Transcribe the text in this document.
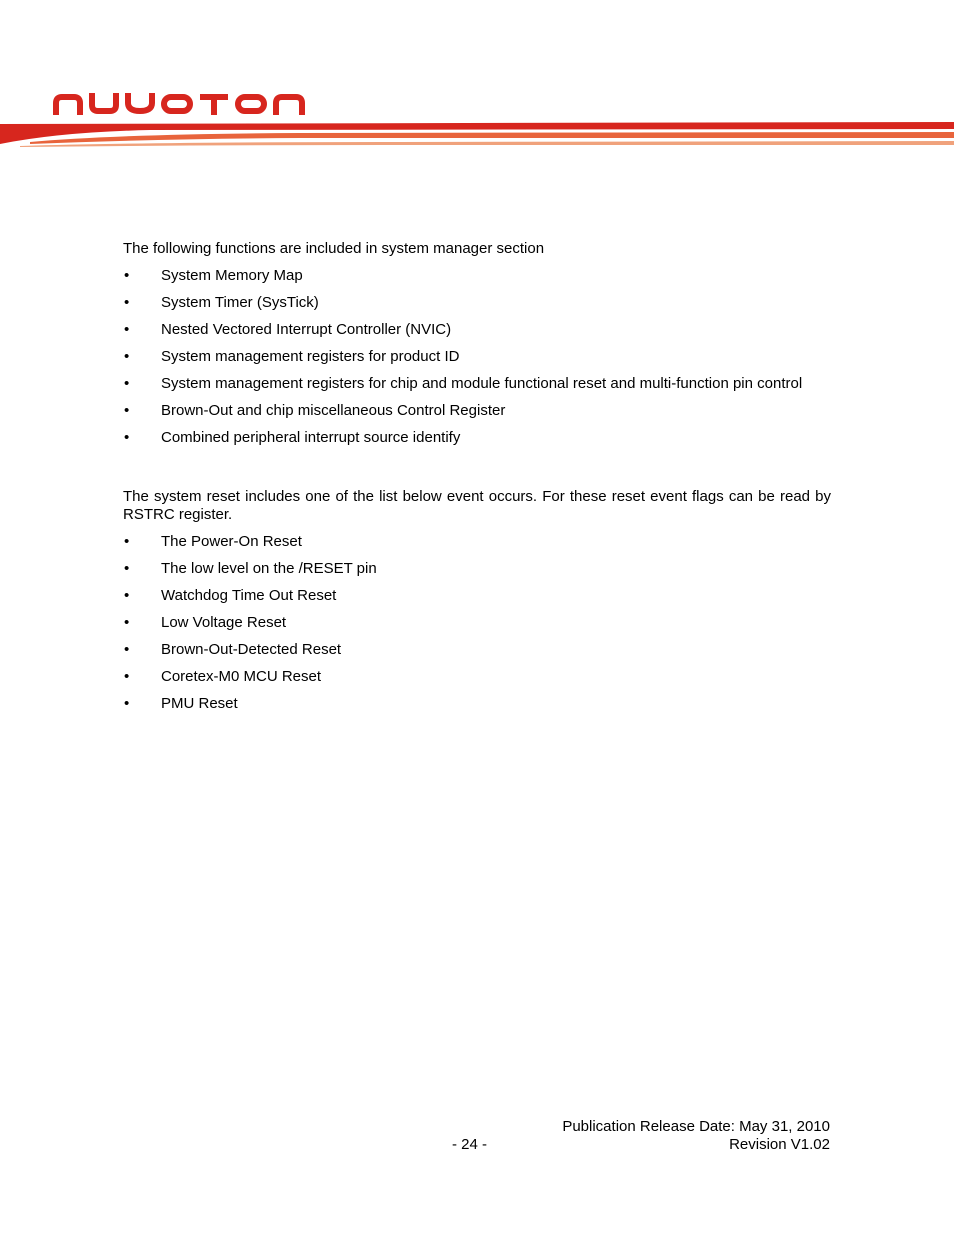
The following functions are included in system manager section

• System Memory Map
• System Timer (SysTick)
• Nested Vectored Interrupt Controller (NVIC)
• System management registers for product ID
• System management registers for chip and module functional reset and multi-function pin control
• Brown-Out and chip miscellaneous Control Register
• Combined peripheral interrupt source identify

The system reset includes one of the list below event occurs. For these reset event flags can be read by RSTRC register.

• The Power-On Reset
• The low level on the /RESET pin
• Watchdog Time Out Reset
• Low Voltage Reset
• Brown-Out-Detected Reset
• Coretex-M0 MCU Reset
• PMU Reset
Publication Release Date: May 31, 2010
- 24 -	Revision V1.02
